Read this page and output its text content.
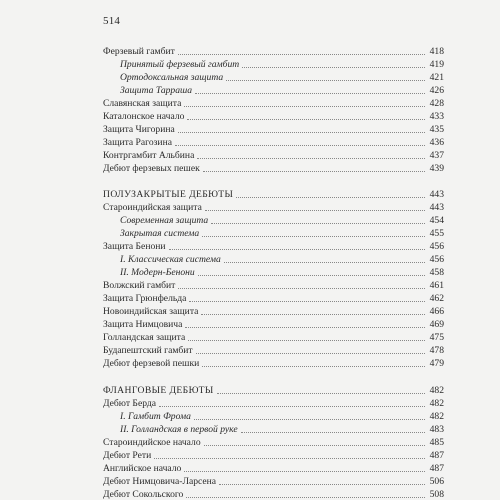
514
Ферзевый гамбит	418
Принятый ферзевый гамбит	419
Ортодоксальная защита	421
Защита Тарраша	426
Славянская защита	428
Каталонское начало	433
Защита Чигорина	435
Защита Рагозина	436
Контргамбит Альбина	437
Дебют ферзевых пешек	439
ПОЛУЗАКРЫТЫЕ ДЕБЮТЫ	443
Староиндийская защита	443
Современная защита	454
Закрытая система	455
Защита Бенони	456
I. Классическая система	456
II. Модерн-Бенони	458
Волжский гамбит	461
Защита Грюнфельда	462
Новоиндийская защита	466
Защита Нимцовича	469
Голландская защита	475
Будапештский гамбит	478
Дебют ферзевой пешки	479
ФЛАНГОВЫЕ ДЕБЮТЫ	482
Дебют Берда	482
I. Гамбит Фрома	482
II. Голландская в первой руке	483
Староиндийское начало	485
Дебют Рети	487
Английское начало	487
Дебют Нимцовича-Ларсена	506
Дебют Сокольского	508
